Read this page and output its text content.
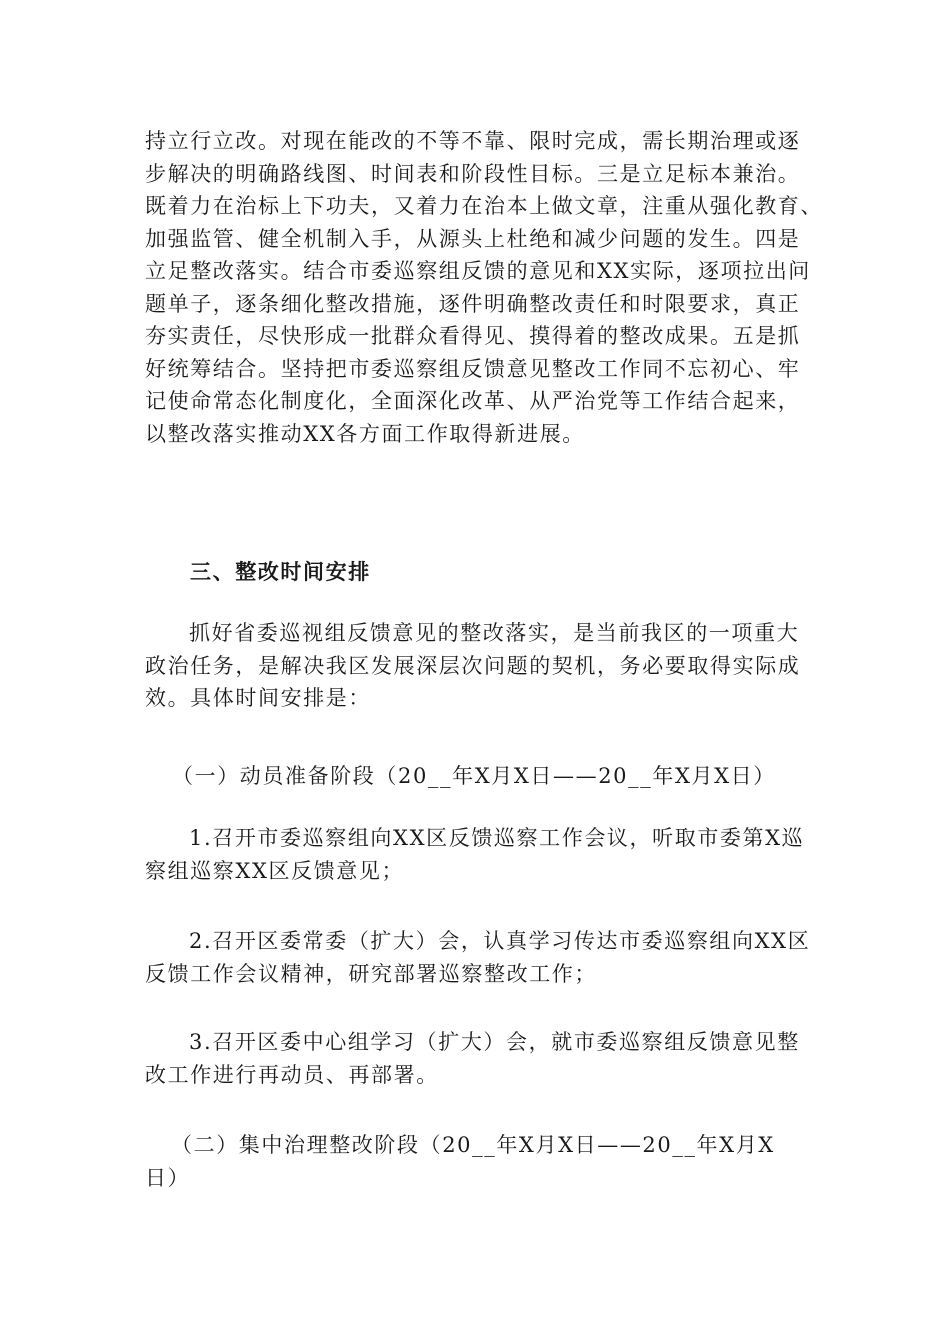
持立行立改。对现在能改的不等不靠、限时完成，需长期治理或逐
步解决的明确路线图、时间表和阶段性目标。三是立足标本兼治。
既着力在治标上下功夫，又着力在治本上做文章，注重从强化教育、
加强监管、健全机制入手，从源头上杜绝和减少问题的发生。四是
立足整改落实。结合市委巡察组反馈的意见和XX实际，逐项拉出问
题单子，逐条细化整改措施，逐件明确整改责任和时限要求，真正
夯实责任，尽快形成一批群众看得见、摸得着的整改成果。五是抓
好统筹结合。坚持把市委巡察组反馈意见整改工作同不忘初心、牢
记使命常态化制度化，全面深化改革、从严治党等工作结合起来，
以整改落实推动XX各方面工作取得新进展。
三、整改时间安排
抓好省委巡视组反馈意见的整改落实，是当前我区的一项重大
政治任务，是解决我区发展深层次问题的契机，务必要取得实际成
效。具体时间安排是：
（一）动员准备阶段（20__年X月X日——20__年X月X日）
1.召开市委巡察组向XX区反馈巡察工作会议，听取市委第X巡
察组巡察XX区反馈意见；
2.召开区委常委（扩大）会，认真学习传达市委巡察组向XX区
反馈工作会议精神，研究部署巡察整改工作；
3.召开区委中心组学习（扩大）会，就市委巡察组反馈意见整
改工作进行再动员、再部署。
（二）集中治理整改阶段（20__年X月X日——20__年X月X
日）
